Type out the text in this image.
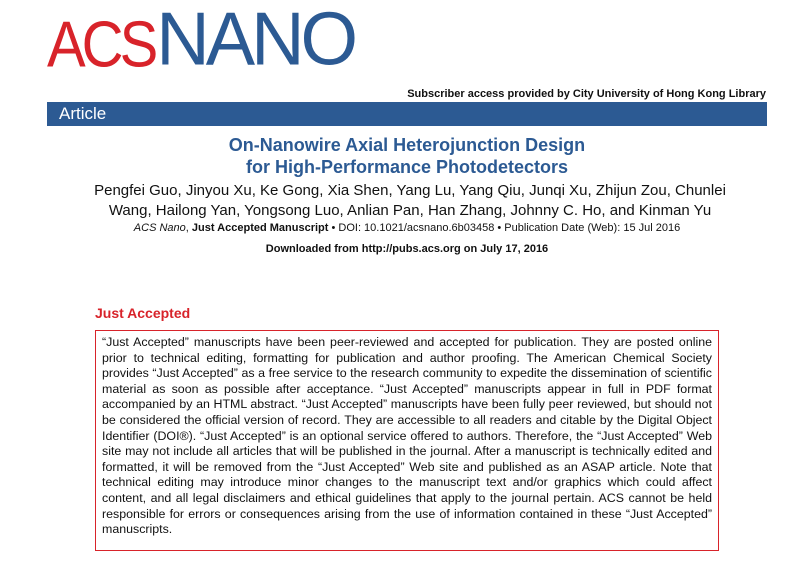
ACS NANO
Subscriber access provided by City University of Hong Kong Library
Article
On-Nanowire Axial Heterojunction Design
for High-Performance Photodetectors
Pengfei Guo, Jinyou Xu, Ke Gong, Xia Shen, Yang Lu, Yang Qiu, Junqi Xu, Zhijun Zou, Chunlei
Wang, Hailong Yan, Yongsong Luo, Anlian Pan, Han Zhang, Johnny C. Ho, and Kinman Yu
ACS Nano, Just Accepted Manuscript • DOI: 10.1021/acsnano.6b03458 • Publication Date (Web): 15 Jul 2016
Downloaded from http://pubs.acs.org on July 17, 2016
Just Accepted

“Just Accepted” manuscripts have been peer-reviewed and accepted for publication. They are posted online prior to technical editing, formatting for publication and author proofing. The American Chemical Society provides “Just Accepted” as a free service to the research community to expedite the dissemination of scientific material as soon as possible after acceptance. “Just Accepted” manuscripts appear in full in PDF format accompanied by an HTML abstract. “Just Accepted” manuscripts have been fully peer reviewed, but should not be considered the official version of record. They are accessible to all readers and citable by the Digital Object Identifier (DOI®). “Just Accepted” is an optional service offered to authors. Therefore, the “Just Accepted” Web site may not include all articles that will be published in the journal. After a manuscript is technically edited and formatted, it will be removed from the “Just Accepted” Web site and published as an ASAP article. Note that technical editing may introduce minor changes to the manuscript text and/or graphics which could affect content, and all legal disclaimers and ethical guidelines that apply to the journal pertain. ACS cannot be held responsible for errors or consequences arising from the use of information contained in these “Just Accepted” manuscripts.
